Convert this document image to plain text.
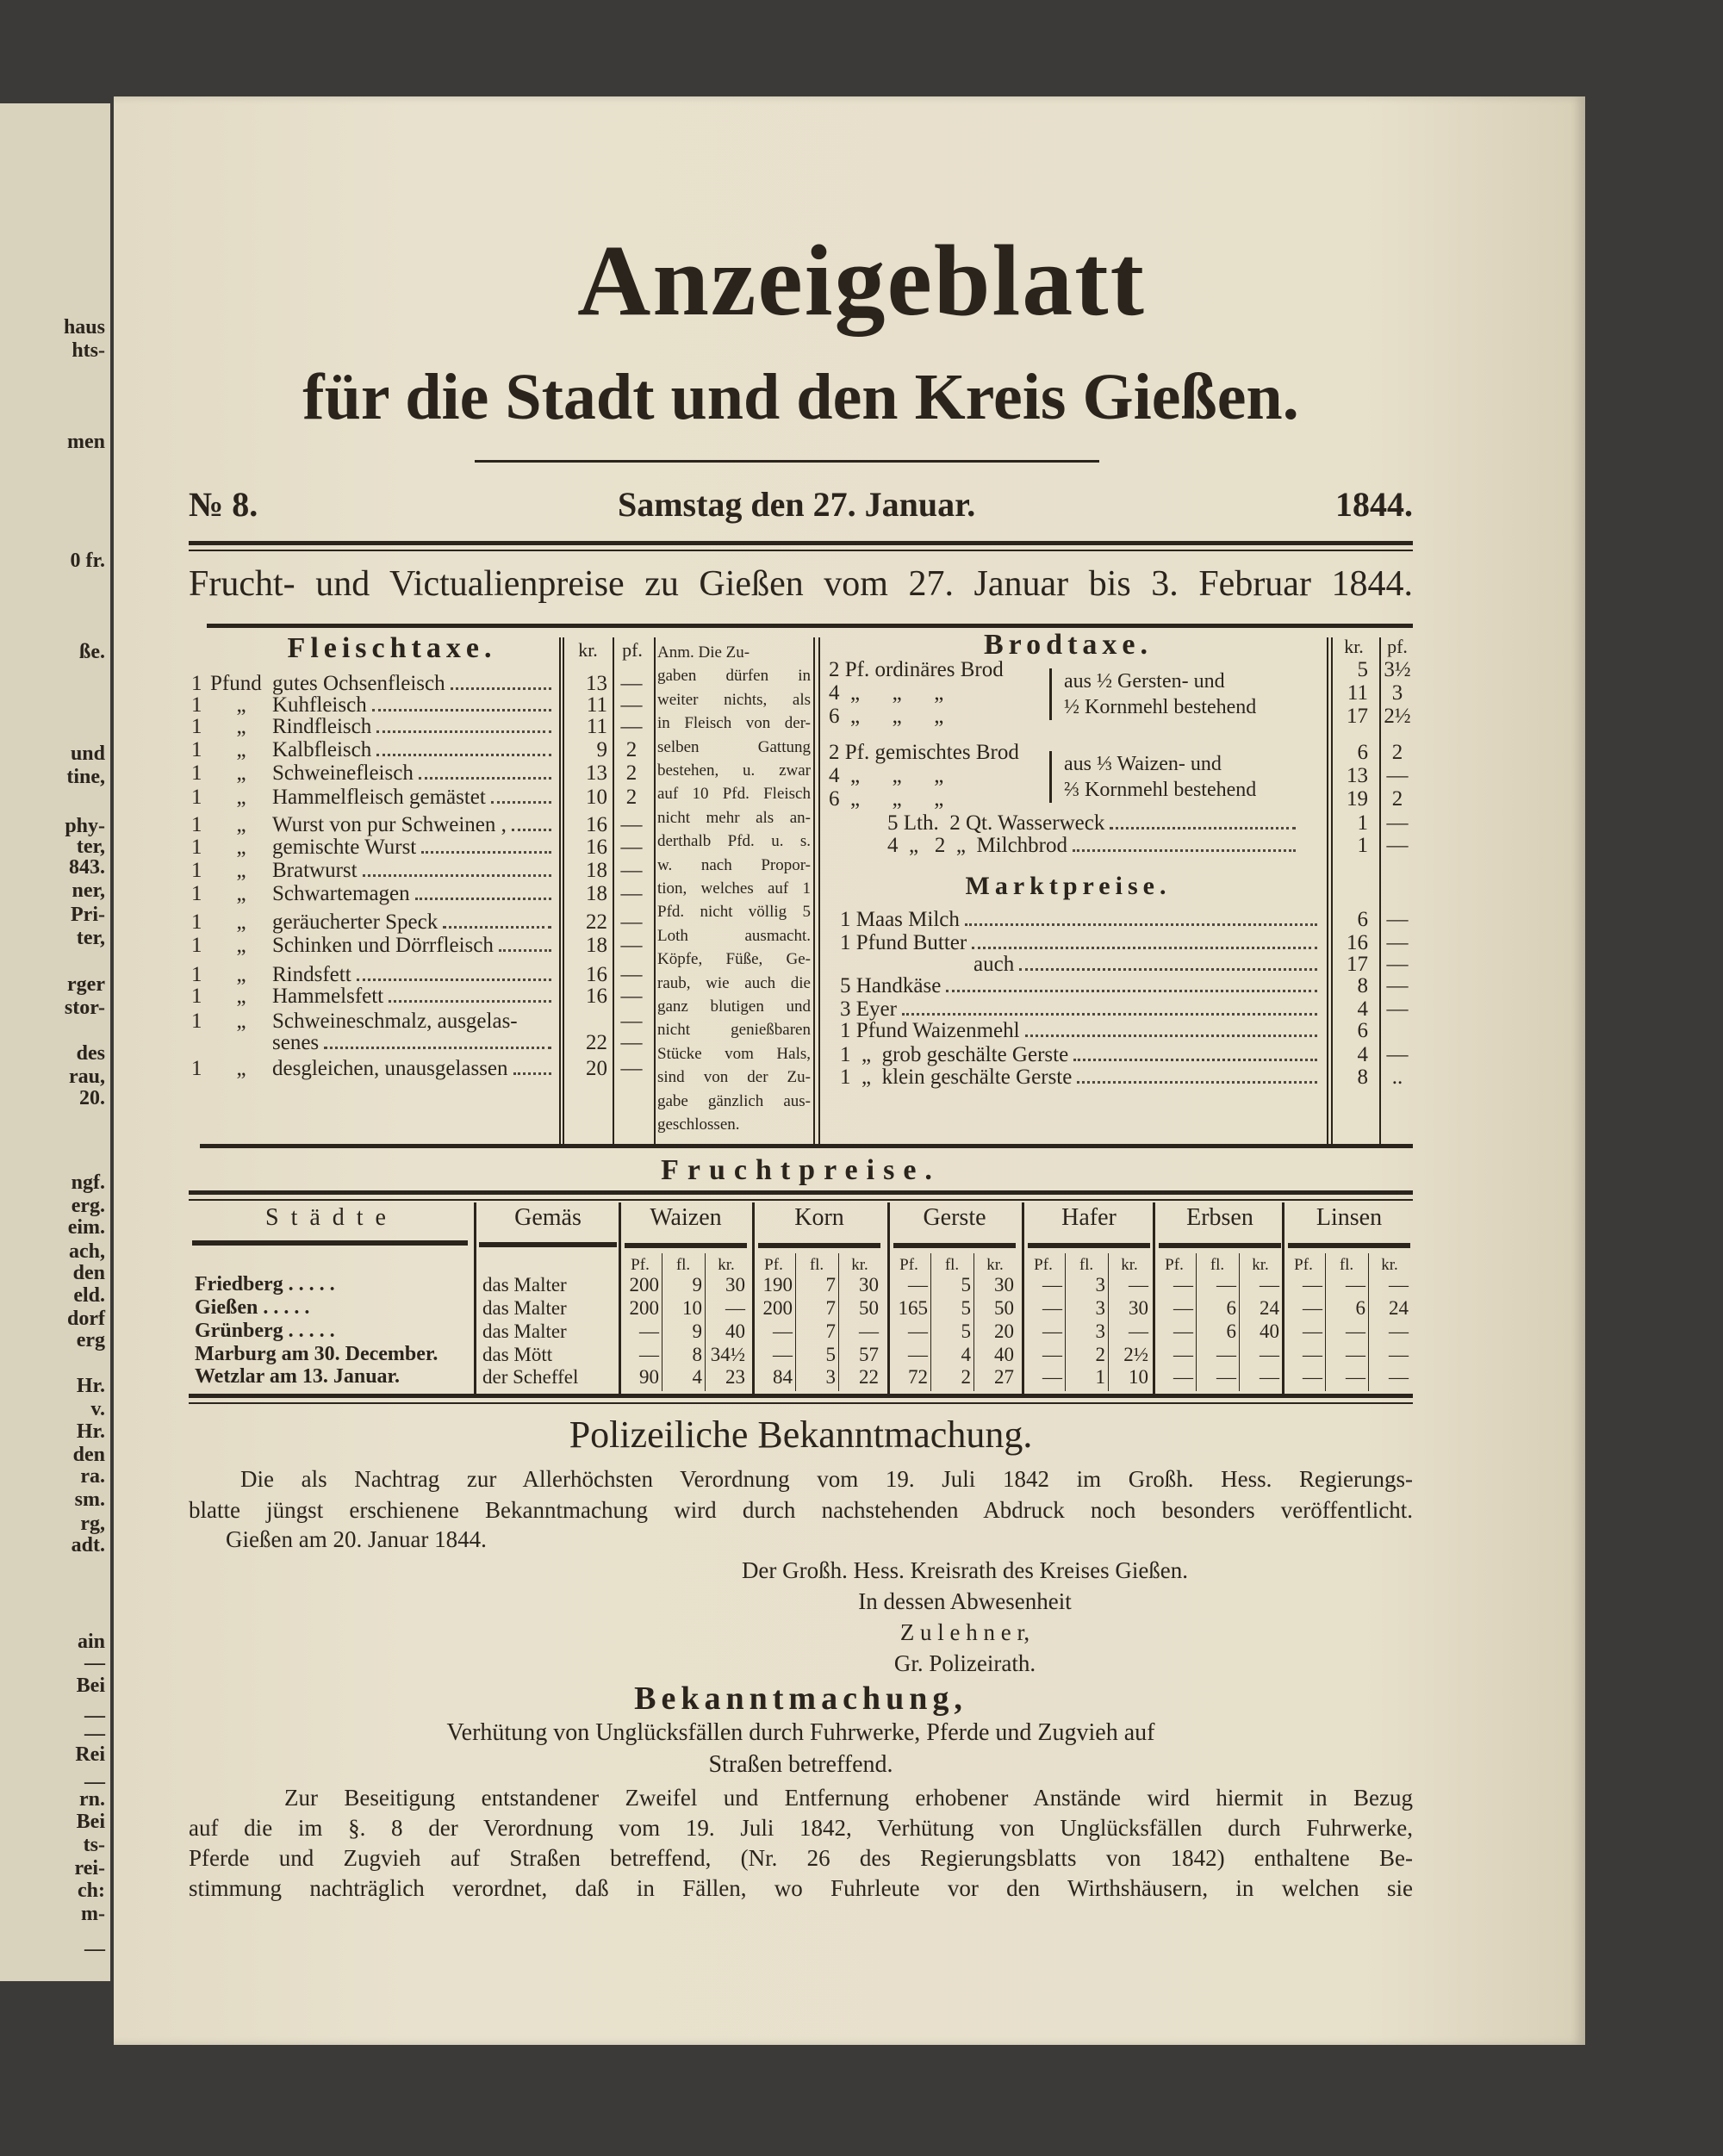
haus
hts-
men
0 fr.
ße.
und
tine,
phy-
ter,
843.
ner,
Pri-
ter,
rger
stor-
des
rau,
20.
ngf.
erg.
eim.
ach,
den
eld.
dorf
erg
Hr.
v.
Hr.
den
ra.
sm.
rg,
adt.
ain
—
Bei
—
—
Rei
—
rn.
Bei
ts-
rei-
ch:
m-
—
Anzeigeblatt
für die Stadt und den Kreis Gießen.
№ 8.	Samstag den 27. Januar.	1844.
Frucht- und Victualienpreise zu Gießen vom 27. Januar bis 3. Februar 1844.
Fleischtaxe.	kr.	pf.
1 Pfund gutes Ochsenfleisch	13 —
1	„	Kuhfleisch	11 —
1	„	Rindfleisch	11 —
1	„	Kalbfleisch	9 2
1	„	Schweinefleisch	13 2
1	„	Hammelfleisch gemästet	10 2
1	„	Wurst von pur Schweinen ,	16 —
1	„	gemischte Wurst	16 —
1	„	Bratwurst	18 —
1	„	Schwartemagen	18 —
1	„	geräucherter Speck	22 —
1	„	Schinken und Dörrfleisch	18 —
1	„	Rindsfett	16 —
1	„	Hammelsfett	16 —
1	„	Schweineschmalz, ausgelas-	—
senes	22 —
1	„	desgleichen, unausgelassen	20 —
Anm. Die Zu-
gaben dürfen in
weiter nichts, als
in Fleisch von der-
selben Gattung
bestehen, u. zwar
auf 10 Pfd. Fleisch
nicht mehr als an-
derthalb Pfd. u. s.
w. nach Propor-
tion, welches auf 1
Pfd. nicht völlig 5
Loth ausmacht.
Köpfe, Füße, Ge-
raub, wie auch die
ganz blutigen und
nicht genießbaren
Stücke vom Hals,
sind von der Zu-
gabe gänzlich aus-
geschlossen.
Brodtaxe.	kr.	pf.
aus ½ Gersten- und
½ Kornmehl bestehend
aus ⅓ Waizen- und
⅔ Kornmehl bestehend
Marktpreise.
2 Pf. ordinäres Brod	5 3½
4  „      „      „	11	3
6  „      „      „	17 2½
2 Pf. gemischtes Brod	6	2
4  „      „      „	13 —
6  „      „      „	19	2
5 Lth.  2 Qt. Wasserweck	1 —
4  „   2  „  Milchbrod	1 —
1 Maas Milch	6 —
1 Pfund Butter	16 —
auch	17 —
5 Handkäse	8 —
3 Eyer	4 —
1 Pfund Waizenmehl	6
1  „  grob geschälte Gerste	4 —
1  „  klein geschälte Gerste	8	..
Fruchtpreise.
Städte	Gemäs	Waizen
Pf.	fl.	kr.
Korn
Pf.	fl.	kr.
Gerste
Pf.	fl.	kr.
Hafer
Pf.	fl.	kr.
Erbsen
Pf.	fl.	kr.
Linsen
Pf.	fl.	kr.
Friedberg . . . . .	das Malter	200	9	30 190	7	30	—	5	30	—	3	—	—	—	—	—	—	—
Gießen . . . . .	das Malter	200	10	— 200	7	50 165	5	50	—	3	30	—	6	24	—	6	24
Grünberg . . . . .	das Malter	—	9	40	—	7	—	—	5	20	—	3	—	—	6	40	—	—	—
Marburg am 30. December.	das Mött	—	8 34½	—	5	57	—	4	40	—	2 2½	—	—	—	—	—	—
Wetzlar am 13. Januar.	der Scheffel	90	4	23	84	3	22	72	2	27	—	1	10	—	—	—	—	—	—
Polizeiliche Bekanntmachung.
Die als Nachtrag zur Allerhöchsten Verordnung vom 19. Juli 1842 im Großh. Hess. Regierungs-
blatte jüngst erschienene Bekanntmachung wird durch nachstehenden Abdruck noch besonders veröffentlicht.
Gießen am 20. Januar 1844.
Der Großh. Hess. Kreisrath des Kreises Gießen.
In dessen Abwesenheit
Z u l e h n e r,
Gr. Polizeirath.
Bekanntmachung,
Verhütung von Unglücksfällen durch Fuhrwerke, Pferde und Zugvieh auf
Straßen betreffend.
Zur Beseitigung entstandener Zweifel und Entfernung erhobener Anstände wird hiermit in Bezug
auf die im §. 8 der Verordnung vom 19. Juli 1842, Verhütung von Unglücksfällen durch Fuhrwerke,
Pferde und Zugvieh auf Straßen betreffend, (Nr. 26 des Regierungsblatts von 1842) enthaltene Be-
stimmung nachträglich verordnet, daß in Fällen, wo Fuhrleute vor den Wirthshäusern, in welchen sie
